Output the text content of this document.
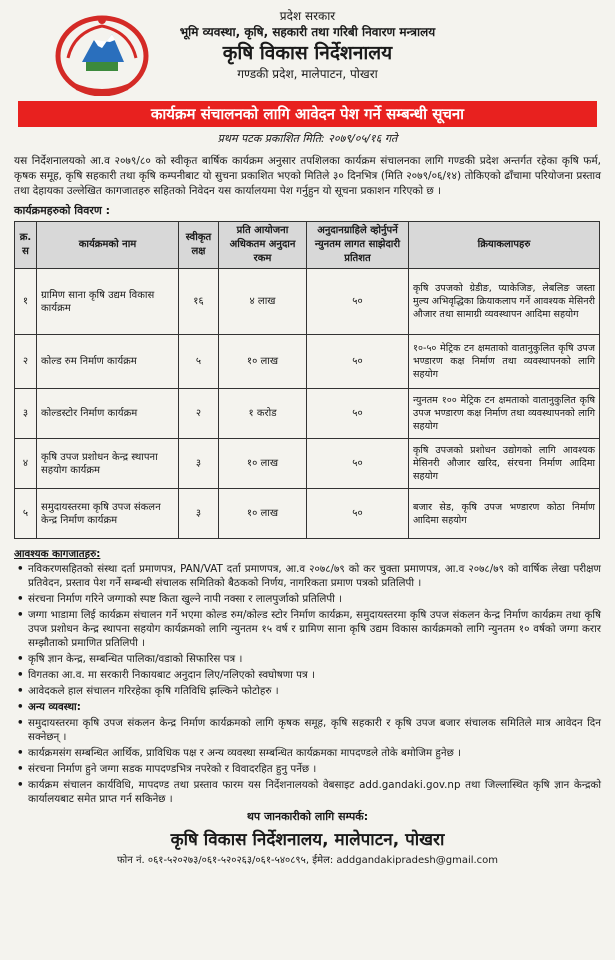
प्रदेश सरकार
भूमि व्यवस्था, कृषि, सहकारी तथा गरिबी निवारण मन्त्रालय
कृषि विकास निर्देशनालय
गण्डकी प्रदेश, मालेपाटन, पोखरा
कार्यक्रम संचालनको लागि आवेदन पेश गर्ने सम्बन्धी सूचना
प्रथम पटक प्रकाशित मिति: २०७९/०५/१६ गते

यस निर्देशनालयको आ.व २०७९/८० को स्वीकृत बार्षिक कार्यक्रम अनुसार तपशिलका कार्यक्रम संचालनका लागि गण्डकी प्रदेश अन्तर्गत रहेका कृषि फर्म, कृषक समूह, कृषि सहकारी तथा कृषि कम्पनीबाट यो सुचना प्रकाशित भएको मितिले ३० दिनभित्र (मिति २०७९/०६/१४) तोकिएको ढाँचामा परियोजना प्रस्ताव तथा देहायका उल्लेखित कागजातहरु सहितको निवेदन यस कार्यालयमा पेश गर्नुहुन यो सूचना प्रकाशन गरिएको छ ।

कार्यक्रमहरुको विवरण :
क्र. स	कार्यक्रमको नाम	स्वीकृत लक्ष	प्रति आयोजना अधिकतम अनुदान रकम	अनुदानग्राहिले व्होर्नुपर्ने न्युनतम लागत साझेदारी प्रतिशत	क्रियाकलापहरु
१	ग्रामिण साना कृषि उद्यम विकास कार्यक्रम	१६	४ लाख	५०	कृषि उपजको ग्रेडीङ, प्याकेजिङ, लेबलिङ जस्ता मुल्य अभिवृद्धिका क्रियाकलाप गर्ने आवश्यक मेसिनरी औजार तथा सामाग्री व्यवस्थापन आदिमा सहयोग
२	कोल्ड रुम निर्माण कार्यक्रम	५	१० लाख	५०	१०-५० मेट्रिक टन क्षमताको वातानुकुलित कृषि उपज भण्डारण कक्ष निर्माण तथा व्यवस्थापनको लागि सहयोग
३	कोल्डस्टोर निर्माण कार्यक्रम	२	१ करोड	५०	न्युनतम १०० मेट्रिक टन क्षमताको वातानुकुलित कृषि उपज भण्डारण कक्ष निर्माण तथा व्यवस्थापनको लागि सहयोग
४	कृषि उपज प्रशोधन केन्द्र स्थापना सहयोग कार्यक्रम	३	१० लाख	५०	कृषि उपजको प्रशोधन उद्योगको लागि आवश्यक मेसिनरी औजार खरिद, संरचना निर्माण आदिमा सहयोग
५	समुदायस्तरमा कृषि उपज संकलन केन्द्र निर्माण कार्यक्रम	३	१० लाख	५०	बजार सेड, कृषि उपज भण्डारण कोठा निर्माण आदिमा सहयोग
आवश्यक कागजातहरु:
• नविकरणसहितको संस्था दर्ता प्रमाणपत्र, PAN/VAT दर्ता प्रमाणपत्र, आ.व २०७८/७९ को कर चुक्ता प्रमाणपत्र, आ.व २०७८/७९ को वार्षिक लेखा परीक्षण प्रतिवेदन, प्रस्ताव पेश गर्ने सम्बन्धी संचालक समितिको बैठकको निर्णय, नागरिकता प्रमाण पत्रको प्रतिलिपी ।
• संरचना निर्माण गरिने जग्गाको स्पष्ट किता खुल्ने नापी नक्सा र लालपुर्जाको प्रतिलिपी ।
• जग्गा भाडामा लिई कार्यक्रम संचालन गर्ने भएमा कोल्ड रुम/कोल्ड स्टोर निर्माण कार्यक्रम, समुदायस्तरमा कृषि उपज संकलन केन्द्र निर्माण कार्यक्रम तथा कृषि उपज प्रशोधन केन्द्र स्थापना सहयोग कार्यक्रमको लागि न्युनतम १५ वर्ष र ग्रामिण साना कृषि उद्यम विकास कार्यक्रमको लागि न्युनतम १० वर्षको जग्गा करार सम्झौताको प्रमाणित प्रतिलिपी ।
• कृषि ज्ञान केन्द्र, सम्बन्धित पालिका/वडाको सिफारिस पत्र ।
• विगतका आ.व. मा सरकारी निकायबाट अनुदान लिए/नलिएको स्वघोषणा पत्र ।
• आवेदकले हाल संचालन गरिरहेका कृषि गतिविधि झल्किने फोटोहरु ।
• अन्य व्यवस्था:
• समुदायस्तरमा कृषि उपज संकलन केन्द्र निर्माण कार्यक्रमको लागि कृषक समूह, कृषि सहकारी र कृषि उपज बजार संचालक समितिले मात्र आवेदन दिन सक्नेछन् ।
• कार्यक्रमसंग सम्बन्धित आर्थिक, प्राविधिक पक्ष र अन्य व्यवस्था सम्बन्धित कार्यक्रमका मापदण्डले तोके बमोजिम हुनेछ ।
• संरचना निर्माण हुने जग्गा सडक मापदण्डभित्र नपरेको र विवादरहित हुनु पर्नेछ ।
• कार्यक्रम संचालन कार्यविधि, मापदण्ड तथा प्रस्ताव फारम यस निर्देशनालयको वेबसाइट add.gandaki.gov.np तथा जिल्लास्थित कृषि ज्ञान केन्द्रको कार्यालयबाट समेत प्राप्त गर्न सकिनेछ ।
थप जानकारीको लागि सम्पर्क:
कृषि विकास निर्देशनालय, मालेपाटन, पोखरा
फोन नं. ०६१-५२०२७३/०६१-५२०२६३/०६१-५४०८९५, ईमेल: addgandakipradesh@gmail.com
